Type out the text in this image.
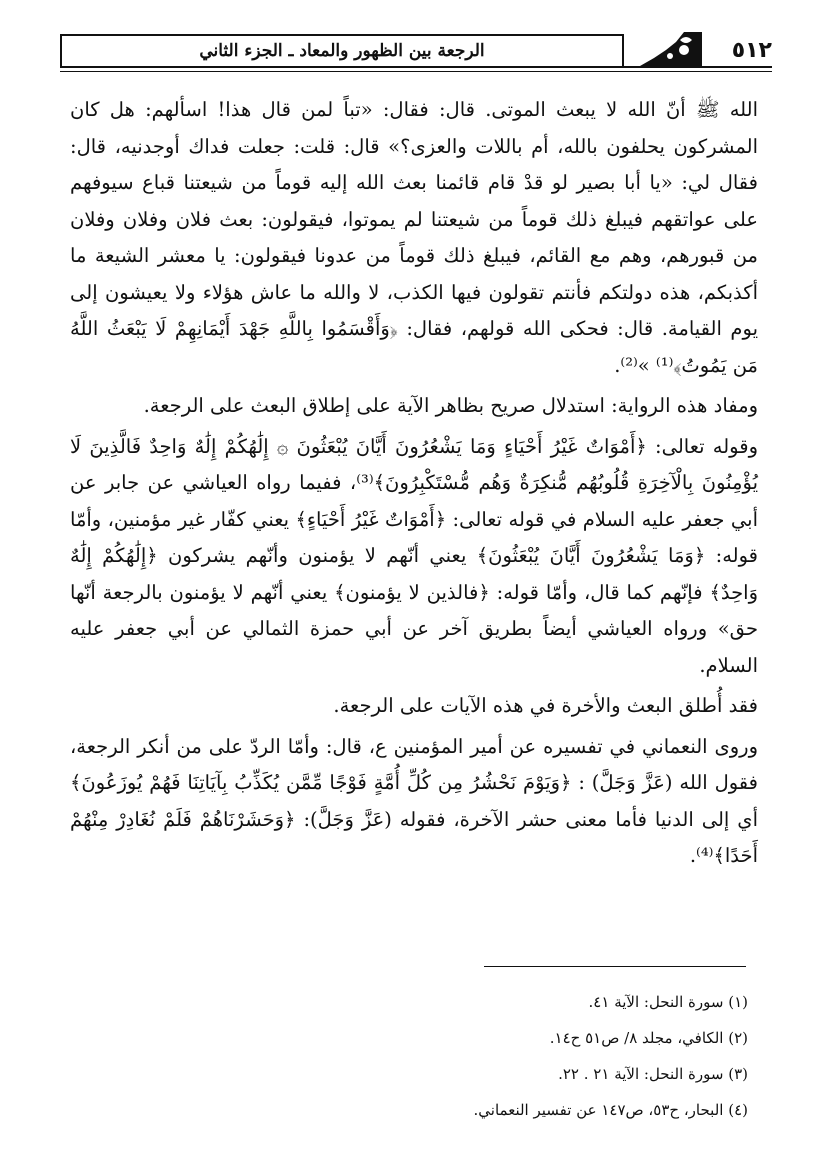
٥١٢
الرجعة بين الظهور والمعاد ـ الجزء الثاني

الله ﷺ أنّ الله لا يبعث الموتى. قال: فقال: «تباً لمن قال هذا! اسألهم: هل كان المشركون يحلفون بالله، أم باللات والعزى؟» قال: قلت: جعلت فداك أوجدنيه، قال: فقال لي: «يا أبا بصير لو قدْ قام قائمنا بعث الله إليه قوماً من شيعتنا قباع سيوفهم على عواتقهم فيبلغ ذلك قوماً من شيعتنا لم يموتوا، فيقولون: بعث فلان وفلان وفلان من قبورهم، وهم مع القائم، فيبلغ ذلك قوماً من عدونا فيقولون: يا معشر الشيعة ما أكذبكم، هذه دولتكم فأنتم تقولون فيها الكذب، لا والله ما عاش هؤلاء ولا يعيشون إلى يوم القيامة. قال: فحكى الله قولهم، فقال: ﴿وَأَقْسَمُوا بِاللَّهِ جَهْدَ أَيْمَانِهِمْ لَا يَبْعَثُ اللَّهُ مَن يَمُوتُ﴾⁽¹⁾ »⁽²⁾.

ومفاد هذه الرواية: استدلال صريح بظاهر الآية على إطلاق البعث على الرجعة.

وقوله تعالى: ﴿أَمْوَاتٌ غَيْرُ أَحْيَاءٍ وَمَا يَشْعُرُونَ أَيَّانَ يُبْعَثُونَ ۞ إِلَٰهُكُمْ إِلَٰهٌ وَاحِدٌ فَالَّذِينَ لَا يُؤْمِنُونَ بِالْآخِرَةِ قُلُوبُهُم مُّنكِرَةٌ وَهُم مُّسْتَكْبِرُونَ﴾⁽³⁾، ففيما رواه العياشي عن جابر عن أبي جعفر عليه السلام في قوله تعالى: ﴿أَمْوَاتٌ غَيْرُ أَحْيَاءٍ﴾ يعني كفّار غير مؤمنين، وأمّا قوله: ﴿وَمَا يَشْعُرُونَ أَيَّانَ يُبْعَثُونَ﴾ يعني أنّهم لا يؤمنون وأنّهم يشركون ﴿إِلَٰهُكُمْ إِلَٰهٌ وَاحِدٌ﴾ فإنّهم كما قال، وأمّا قوله: ﴿فالذين لا يؤمنون﴾ يعني أنّهم لا يؤمنون بالرجعة أنّها حق» ورواه العياشي أيضاً بطريق آخر عن أبي حمزة الثمالي عن أبي جعفر عليه السلام.

فقد أُطلق البعث والأخرة في هذه الآيات على الرجعة.

وروى النعماني في تفسيره عن أمير المؤمنين ع، قال: وأمّا الردّ على من أنكر الرجعة، فقول الله (عَزَّ وَجَلَّ) : ﴿وَيَوْمَ نَحْشُرُ مِن كُلِّ أُمَّةٍ فَوْجًا مِّمَّن يُكَذِّبُ بِآيَاتِنَا فَهُمْ يُوزَعُونَ﴾ أي إلى الدنيا فأما معنى حشر الآخرة، فقوله (عَزَّ وَجَلَّ): ﴿وَحَشَرْنَاهُمْ فَلَمْ نُغَادِرْ مِنْهُمْ أَحَدًا﴾⁽⁴⁾.

(١) سورة النحل: الآية ٤١.

(٢) الكافي، مجلد ٨/ ص٥١ ح١٤.

(٣) سورة النحل: الآية ٢١ . ٢٢.

(٤) البحار، ح٥٣، ص١٤٧ عن تفسير النعماني.
